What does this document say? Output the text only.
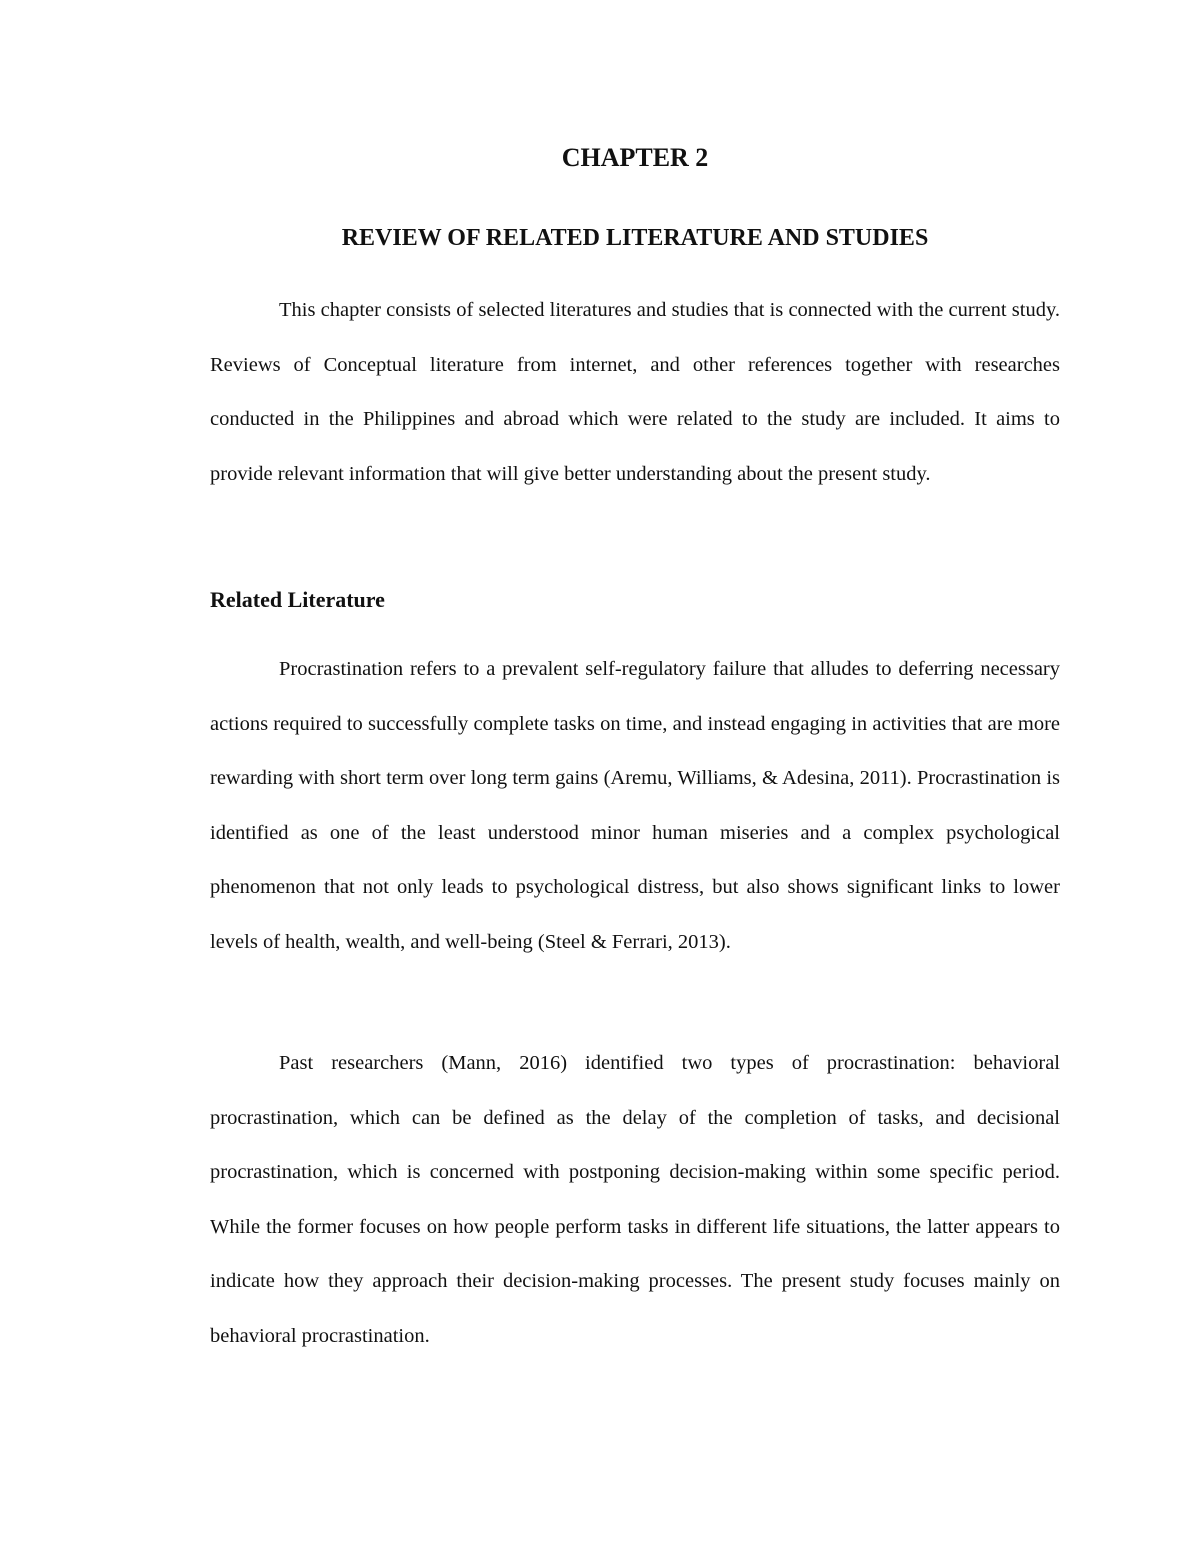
CHAPTER 2
REVIEW OF RELATED LITERATURE AND STUDIES

This chapter consists of selected literatures and studies that is connected with the current study. Reviews of Conceptual literature from internet, and other references together with researches conducted in the Philippines and abroad which were related to the study are included. It aims to provide relevant information that will give better understanding about the present study.

Related Literature

Procrastination refers to a prevalent self-regulatory failure that alludes to deferring necessary actions required to successfully complete tasks on time, and instead engaging in activities that are more rewarding with short term over long term gains (Aremu, Williams, & Adesina, 2011). Procrastination is identified as one of the least understood minor human miseries and a complex psychological phenomenon that not only leads to psychological distress, but also shows significant links to lower levels of health, wealth, and well-being (Steel & Ferrari, 2013).

Past researchers (Mann, 2016) identified two types of procrastination: behavioral procrastination, which can be defined as the delay of the completion of tasks, and decisional procrastination, which is concerned with postponing decision-making within some specific period. While the former focuses on how people perform tasks in different life situations, the latter appears to indicate how they approach their decision-making processes. The present study focuses mainly on behavioral procrastination.
